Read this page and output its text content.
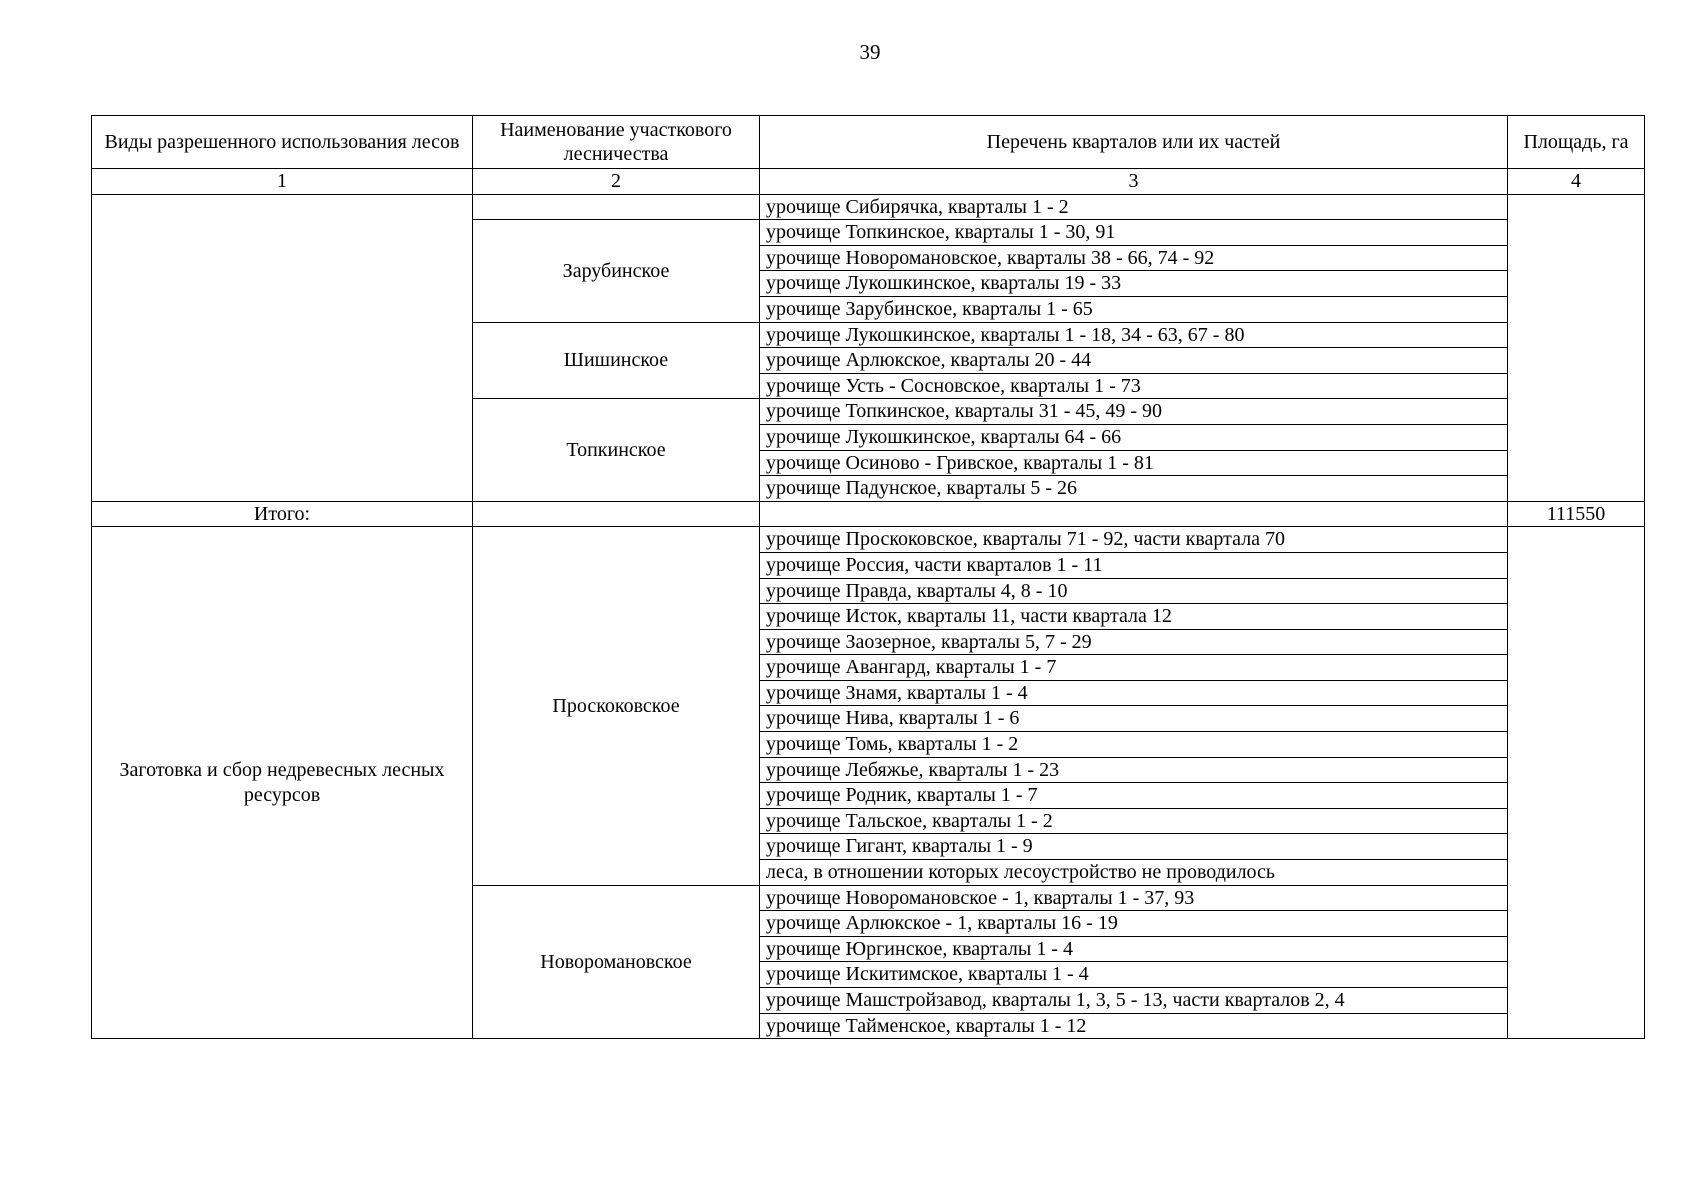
39
Виды разрешенного использования лесов	Наименование участкового лесничества	Перечень кварталов или их частей	Площадь, га
1	2	3	4
		урочище Сибирячка, кварталы 1 - 2	
	Зарубинское	урочище Топкинское, кварталы 1 - 30, 91	
		урочище Новоромановское, кварталы 38 - 66, 74 - 92	
		урочище Лукошкинское, кварталы 19 - 33	
		урочище Зарубинское, кварталы 1 - 65	
	Шишинское	урочище Лукошкинское, кварталы 1 - 18, 34 - 63, 67 - 80	
		урочище Арлюкское, кварталы 20 - 44	
		урочище Усть - Сосновское, кварталы 1 - 73	
	Топкинское	урочище Топкинское, кварталы 31 - 45, 49 - 90	
		урочище Лукошкинское, кварталы 64 - 66	
		урочище Осиново - Гривское, кварталы 1 - 81	
		урочище Падунское, кварталы 5 - 26	
Итого:			111550
Заготовка и сбор недревесных лесных ресурсов	Проскоковское	урочище Проскоковское, кварталы 71 - 92, части квартала 70	
		урочище Россия, части кварталов 1 - 11	
		урочище Правда, кварталы 4, 8 - 10	
		урочище Исток, кварталы 11, части квартала 12	
		урочище Заозерное, кварталы 5, 7 - 29	
		урочище Авангард, кварталы 1 - 7	
		урочище Знамя, кварталы 1 - 4	
		урочище Нива, кварталы 1 - 6	
		урочище Томь, кварталы 1 - 2	
		урочище Лебяжье, кварталы 1 - 23	
		урочище Родник, кварталы 1 - 7	
		урочище Тальское, кварталы 1 - 2	
		урочище Гигант, кварталы 1 - 9	
		леса, в отношении которых лесоустройство не проводилось	
	Новоромановское	урочище Новоромановское - 1, кварталы 1 - 37, 93	
		урочище Арлюкское - 1, кварталы 16 - 19	
		урочище Юргинское, кварталы 1 - 4	
		урочище Искитимское, кварталы 1 - 4	
		урочище Машстройзавод, кварталы 1, 3, 5 - 13, части кварталов 2, 4	
		урочище Тайменское, кварталы 1 - 12	
